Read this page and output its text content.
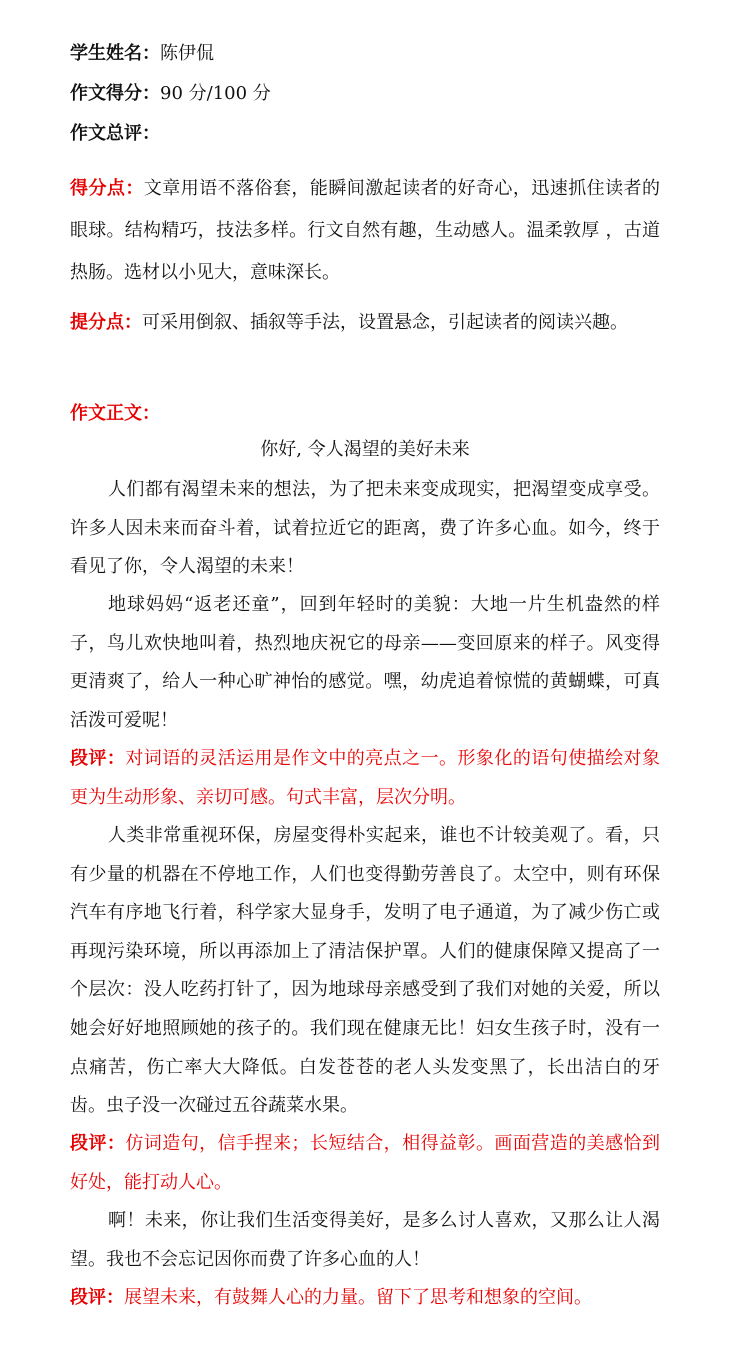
学生姓名：陈伊侃
作文得分：90 分/100 分
作文总评：
得分点：文章用语不落俗套，能瞬间激起读者的好奇心，迅速抓住读者的眼球。结构精巧，技法多样。行文自然有趣，生动感人。温柔敦厚 ，古道热肠。选材以小见大，意味深长。
提分点：可采用倒叙、插叙等手法，设置悬念，引起读者的阅读兴趣。
作文正文：
你好, 令人渴望的美好未来
人们都有渴望未来的想法，为了把未来变成现实，把渴望变成享受。许多人因未来而奋斗着，试着拉近它的距离，费了许多心血。如今，终于看见了你，令人渴望的未来！
地球妈妈“返老还童”，回到年轻时的美貌：大地一片生机盎然的样子，鸟儿欢快地叫着，热烈地庆祝它的母亲——变回原来的样子。风变得更清爽了，给人一种心旷神怡的感觉。嘿，幼虎追着惊慌的黄蝴蝶，可真活泼可爱呢！
段评：对词语的灵活运用是作文中的亮点之一。形象化的语句使描绘对象更为生动形象、亲切可感。句式丰富，层次分明。
人类非常重视环保，房屋变得朴实起来，谁也不计较美观了。看，只有少量的机器在不停地工作，人们也变得勤劳善良了。太空中，则有环保汽车有序地飞行着，科学家大显身手，发明了电子通道，为了减少伤亡或再现污染环境，所以再添加上了清洁保护罩。人们的健康保障又提高了一个层次：没人吃药打针了，因为地球母亲感受到了我们对她的关爱，所以她会好好地照顾她的孩子的。我们现在健康无比！妇女生孩子时，没有一点痛苦，伤亡率大大降低。白发苍苍的老人头发变黑了，长出洁白的牙齿。虫子没一次碰过五谷蔬菜水果。
段评：仿词造句，信手捏来；长短结合，相得益彰。画面营造的美感恰到好处，能打动人心。
啊！未来，你让我们生活变得美好，是多么讨人喜欢，又那么让人渴望。我也不会忘记因你而费了许多心血的人！
段评：展望未来，有鼓舞人心的力量。留下了思考和想象的空间。
